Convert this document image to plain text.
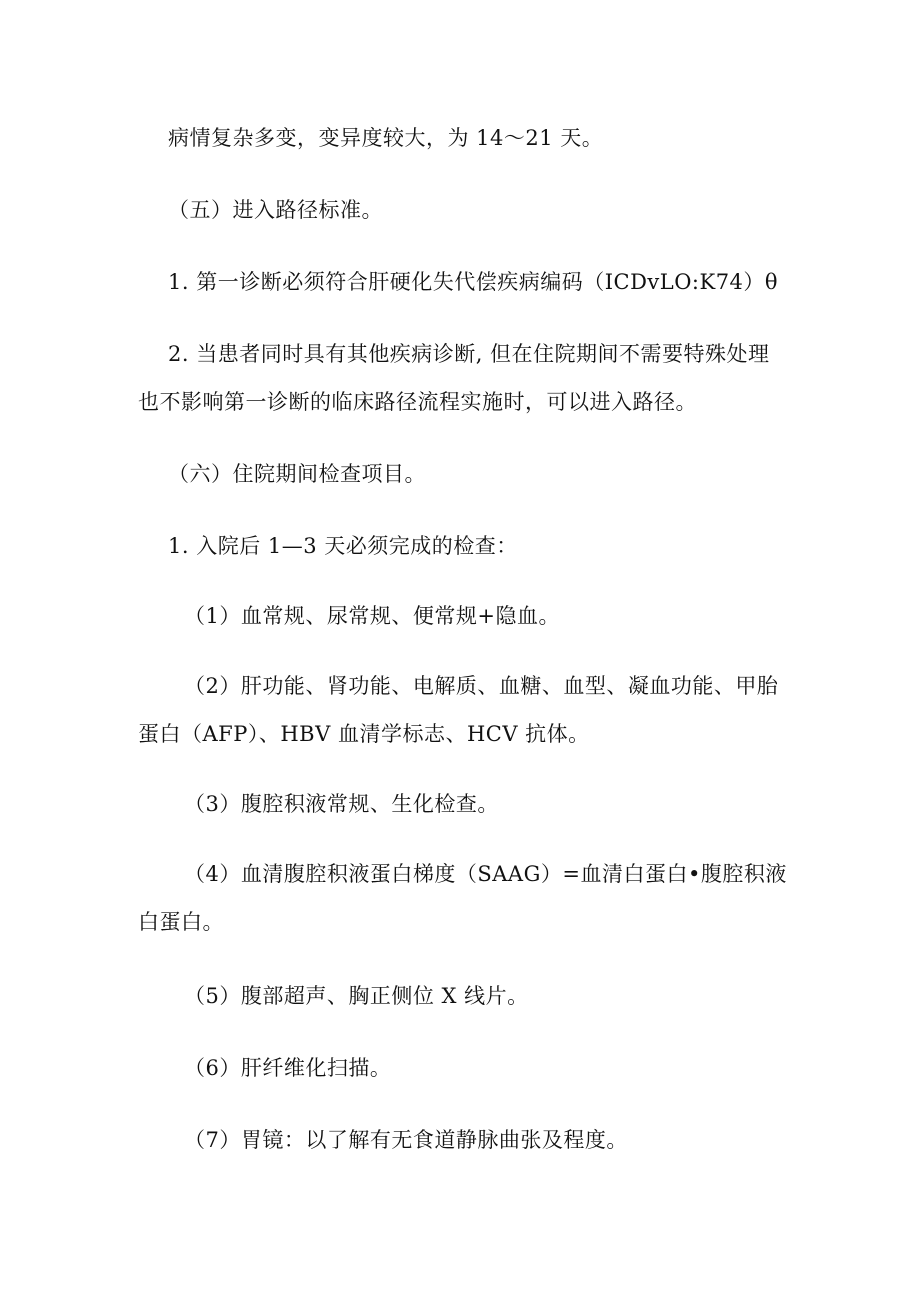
病情复杂多变，变异度较大，为 14～21 天。
（五）进入路径标准。
1. 第一诊断必须符合肝硬化失代偿疾病编码（ICDvLO:K74）θ
2. 当患者同时具有其他疾病诊断, 但在住院期间不需要特殊处理
也不影响第一诊断的临床路径流程实施时，可以进入路径。
（六）住院期间检查项目。
1. 入院后 1—3 天必须完成的检查：
（1）血常规、尿常规、便常规+隐血。
（2）肝功能、肾功能、电解质、血糖、血型、凝血功能、甲胎
蛋白（AFP）、HBV 血清学标志、HCV 抗体。
（3）腹腔积液常规、生化检查。
（4）血清腹腔积液蛋白梯度（SAAG）=血清白蛋白•腹腔积液
白蛋白。
（5）腹部超声、胸正侧位 X 线片。
（6）肝纤维化扫描。
（7）胃镜：以了解有无食道静脉曲张及程度。
